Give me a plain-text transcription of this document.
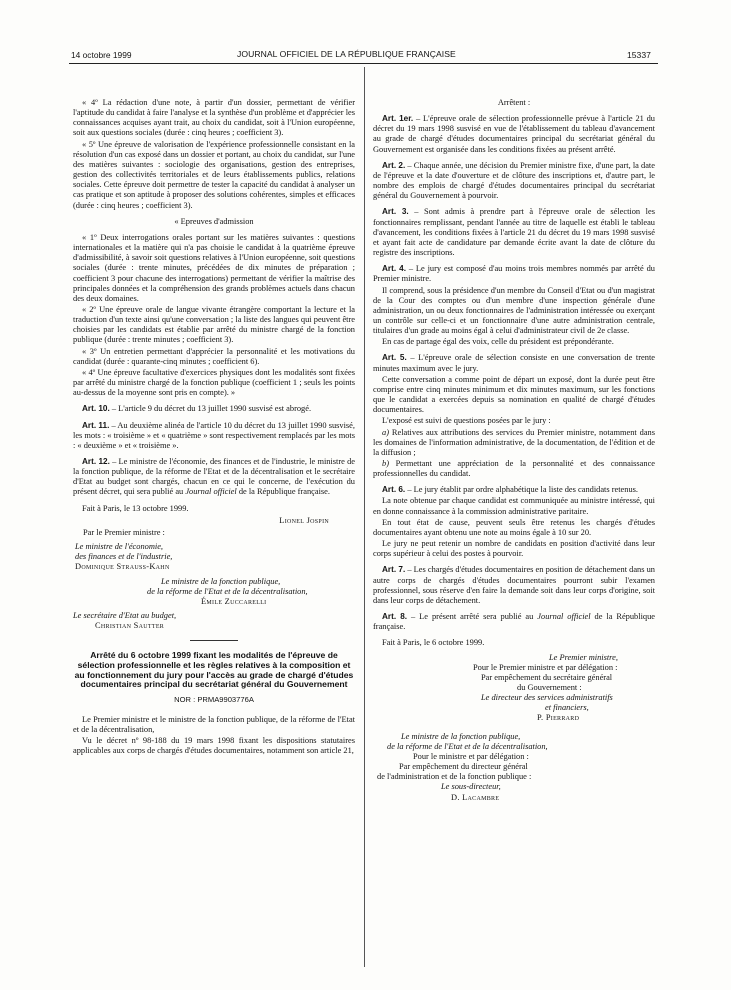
14 octobre 1999	JOURNAL OFFICIEL DE LA RÉPUBLIQUE FRANÇAISE	15337

« 4º La rédaction d'une note, à partir d'un dossier, permettant de vérifier l'aptitude du candidat à faire l'analyse et la synthèse d'un problème et d'apprécier les connaissances acquises ayant trait, au choix du candidat, soit à l'Union européenne, soit aux questions sociales (durée : cinq heures ; coefficient 3).

« 5º Une épreuve de valorisation de l'expérience professionnelle consistant en la résolution d'un cas exposé dans un dossier et portant, au choix du candidat, sur l'une des matières suivantes : sociologie des organisations, gestion des entreprises, gestion des collectivités territoriales et de leurs établissements publics, relations sociales. Cette épreuve doit permettre de tester la capacité du candidat à analyser un cas pratique et son aptitude à proposer des solutions cohérentes, simples et efficaces (durée : cinq heures ; coefficient 3).

« Epreuves d'admission

« 1º Deux interrogations orales portant sur les matières suivantes : questions internationales et la matière qui n'a pas choisie le candidat à la quatrième épreuve d'admissibilité, à savoir soit questions relatives à l'Union européenne, soit questions sociales (durée : trente minutes, précédées de dix minutes de préparation ; coefficient 3 pour chacune des interrogations) permettant de vérifier la maîtrise des principales données et la compréhension des grands problèmes actuels dans chacun des deux domaines.

« 2º Une épreuve orale de langue vivante étrangère comportant la lecture et la traduction d'un texte ainsi qu'une conversation ; la liste des langues qui peuvent être choisies par les candidats est établie par arrêté du ministre chargé de la fonction publique (durée : trente minutes ; coefficient 3).

« 3º Un entretien permettant d'apprécier la personnalité et les motivations du candidat (durée : quarante-cinq minutes ; coefficient 6).

« 4º Une épreuve facultative d'exercices physiques dont les modalités sont fixées par arrêté du ministre chargé de la fonction publique (coefficient 1 ; seuls les points au-dessus de la moyenne sont pris en compte). »

Art. 10. – L'article 9 du décret du 13 juillet 1990 susvisé est abrogé.

Art. 11. – Au deuxième alinéa de l'article 10 du décret du 13 juillet 1990 susvisé, les mots : « troisième » et « quatrième » sont respectivement remplacés par les mots : « deuxième » et « troisième ».

Art. 12. – Le ministre de l'économie, des finances et de l'industrie, le ministre de la fonction publique, de la réforme de l'Etat et de la décentralisation et le secrétaire d'Etat au budget sont chargés, chacun en ce qui le concerne, de l'exécution du présent décret, qui sera publié au Journal officiel de la République française.

Fait à Paris, le 13 octobre 1999.

Lionel Jospin

Par le Premier ministre :

Le ministre de l'économie,

des finances et de l'industrie,

Dominique Strauss-Kahn

Le ministre de la fonction publique,

de la réforme de l'Etat et de la décentralisation,

Émile Zuccarelli

Le secrétaire d'Etat au budget,

Christian Sautter

Arrêté du 6 octobre 1999 fixant les modalités de l'épreuve de sélection professionnelle et les règles relatives à la composition et au fonctionnement du jury pour l'accès au grade de chargé d'études documentaires principal du secrétariat général du Gouvernement

NOR : PRMA9903776A

Le Premier ministre et le ministre de la fonction publique, de la réforme de l'Etat et de la décentralisation,

Vu le décret nº 98-188 du 19 mars 1998 fixant les dispositions statutaires applicables aux corps de chargés d'études documentaires, notamment son article 21,

Arrêtent :

Art. 1er. – L'épreuve orale de sélection professionnelle prévue à l'article 21 du décret du 19 mars 1998 susvisé en vue de l'établissement du tableau d'avancement au grade de chargé d'études documentaires principal du secrétariat général du Gouvernement est organisée dans les conditions fixées au présent arrêté.

Art. 2. – Chaque année, une décision du Premier ministre fixe, d'une part, la date de l'épreuve et la date d'ouverture et de clôture des inscriptions et, d'autre part, le nombre des emplois de chargé d'études documentaires principal du secrétariat général du Gouvernement à pourvoir.

Art. 3. – Sont admis à prendre part à l'épreuve orale de sélection les fonctionnaires remplissant, pendant l'année au titre de laquelle est établi le tableau d'avancement, les conditions fixées à l'article 21 du décret du 19 mars 1998 susvisé et ayant fait acte de candidature par demande écrite avant la date de clôture du registre des inscriptions.

Art. 4. – Le jury est composé d'au moins trois membres nommés par arrêté du Premier ministre.

Il comprend, sous la présidence d'un membre du Conseil d'Etat ou d'un magistrat de la Cour des comptes ou d'un membre d'une inspection générale d'une administration, un ou deux fonctionnaires de l'administration intéressée ou exerçant un contrôle sur celle-ci et un fonctionnaire d'une autre administration centrale, titulaires d'un grade au moins égal à celui d'administrateur civil de 2e classe.

En cas de partage égal des voix, celle du président est prépondérante.

Art. 5. – L'épreuve orale de sélection consiste en une conversation de trente minutes maximum avec le jury.

Cette conversation a comme point de départ un exposé, dont la durée peut être comprise entre cinq minutes minimum et dix minutes maximum, sur les fonctions que le candidat a exercées depuis sa nomination en qualité de chargé d'études documentaires.

L'exposé est suivi de questions posées par le jury :

a) Relatives aux attributions des services du Premier ministre, notamment dans les domaines de l'information administrative, de la documentation, de l'édition et de la diffusion ;

b) Permettant une appréciation de la personnalité et des connaissance professionnelles du candidat.

Art. 6. – Le jury établit par ordre alphabétique la liste des candidats retenus.

La note obtenue par chaque candidat est communiquée au ministre intéressé, qui en donne connaissance à la commission administrative paritaire.

En tout état de cause, peuvent seuls être retenus les chargés d'études documentaires ayant obtenu une note au moins égale à 10 sur 20.

Le jury ne peut retenir un nombre de candidats en position d'activité dans leur corps supérieur à celui des postes à pourvoir.

Art. 7. – Les chargés d'études documentaires en position de détachement dans un autre corps de chargés d'études documentaires pourront subir l'examen professionnel, sous réserve d'en faire la demande soit dans leur corps d'origine, soit dans leur corps de détachement.

Art. 8. – Le présent arrêté sera publié au Journal officiel de la République française.

Fait à Paris, le 6 octobre 1999.

Le Premier ministre,

Pour le Premier ministre et par délégation :

Par empêchement du secrétaire général

du Gouvernement :

Le directeur des services administratifs

et financiers,

P. Pierrard

Le ministre de la fonction publique,

de la réforme de l'Etat et de la décentralisation,

Pour le ministre et par délégation :

Par empêchement du directeur général

de l'administration et de la fonction publique :

Le sous-directeur,

D. Lacambre
